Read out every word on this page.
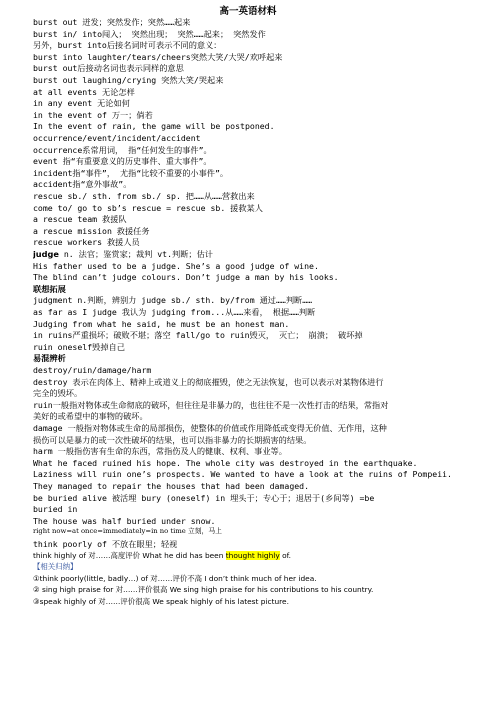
高一英语材料
burst out 迸发；突然发作；突然……起来
burst in/ into闯入； 突然出现； 突然……起来； 突然发作
另外，burst into后接名词时可表示不同的意义：
burst into laughter/tears/cheers突然大笑/大哭/欢呼起来
burst out后接动名词也表示同样的意思
burst out laughing/crying 突然大笑/哭起来
at all events 无论怎样
in any event 无论如何
in the event of 万一；倘若
In the event of rain, the game will be postponed.
occurrence/event/incident/accident
occurrence系常用词， 指“任何发生的事件”。
event 指“有重要意义的历史事件、重大事件”。
incident指“事件”， 尤指“比较不重要的小事件”。
accident指“意外事故”。
rescue sb./ sth. from sb./ sp. 把……从……营救出来
come to/ go to sb’s rescue = rescue sb. 援救某人
a rescue team 救援队
a rescue mission 救援任务
rescue workers 救援人员
judge n. 法官；鉴赏家；裁判 vt.判断；估计
His father used to be a judge. She’s a good judge of wine.
The blind can’t judge colours. Don’t judge a man by his looks.
联想拓展
judgment n.判断，辨别力 judge sb./ sth. by/from 通过……判断……
as far as I judge 我认为 judging from...从……来看， 根据……判断
Judging from what he said, he must be an honest man.
in ruins严重损坏；破败不堪；落空 fall/go to ruin毁灭， 灭亡； 崩溃； 破坏掉
ruin oneself毁掉自己
易混辨析
destroy/ruin/damage/harm
destroy 表示在肉体上、精神上或道义上的彻底摧毁，使之无法恢复，也可以表示对某物体进行
完全的毁坏。
ruin一般指对物体或生命彻底的破坏，但往往是非暴力的，也往往不是一次性打击的结果，常指对
美好的或希望中的事物的破坏。
damage 一般指对物体或生命的局部损伤，使整体的价值或作用降低或变得无价值、无作用，这种
损伤可以是暴力的或一次性破坏的结果，也可以指非暴力的长期损害的结果。
harm 一般指伤害有生命的东西，常指伤及人的健康、权利、事业等。
What he faced ruined his hope. The whole city was destroyed in the earthquake.
Laziness will ruin one’s prospects. We wanted to have a look at the ruins of Pompeii.
They managed to repair the houses that had been damaged.
be buried alive 被活埋 bury (oneself) in 埋头于；专心于；退居于(乡间等) =be
buried in
The house was half buried under snow.
right now=at once=immediately=in no time 立刻，马上
think poorly of 不放在眼里；轻视
think highly of 对……高度评价 What he did has been thought highly of.
【相关归纳】
①think poorly(little, badly…) of 对……评价不高 I don’t think much of her idea.
② sing high praise for 对……评价很高 We sing high praise for his contributions to his country.
③speak highly of 对……评价很高 We speak highly of his latest picture.
